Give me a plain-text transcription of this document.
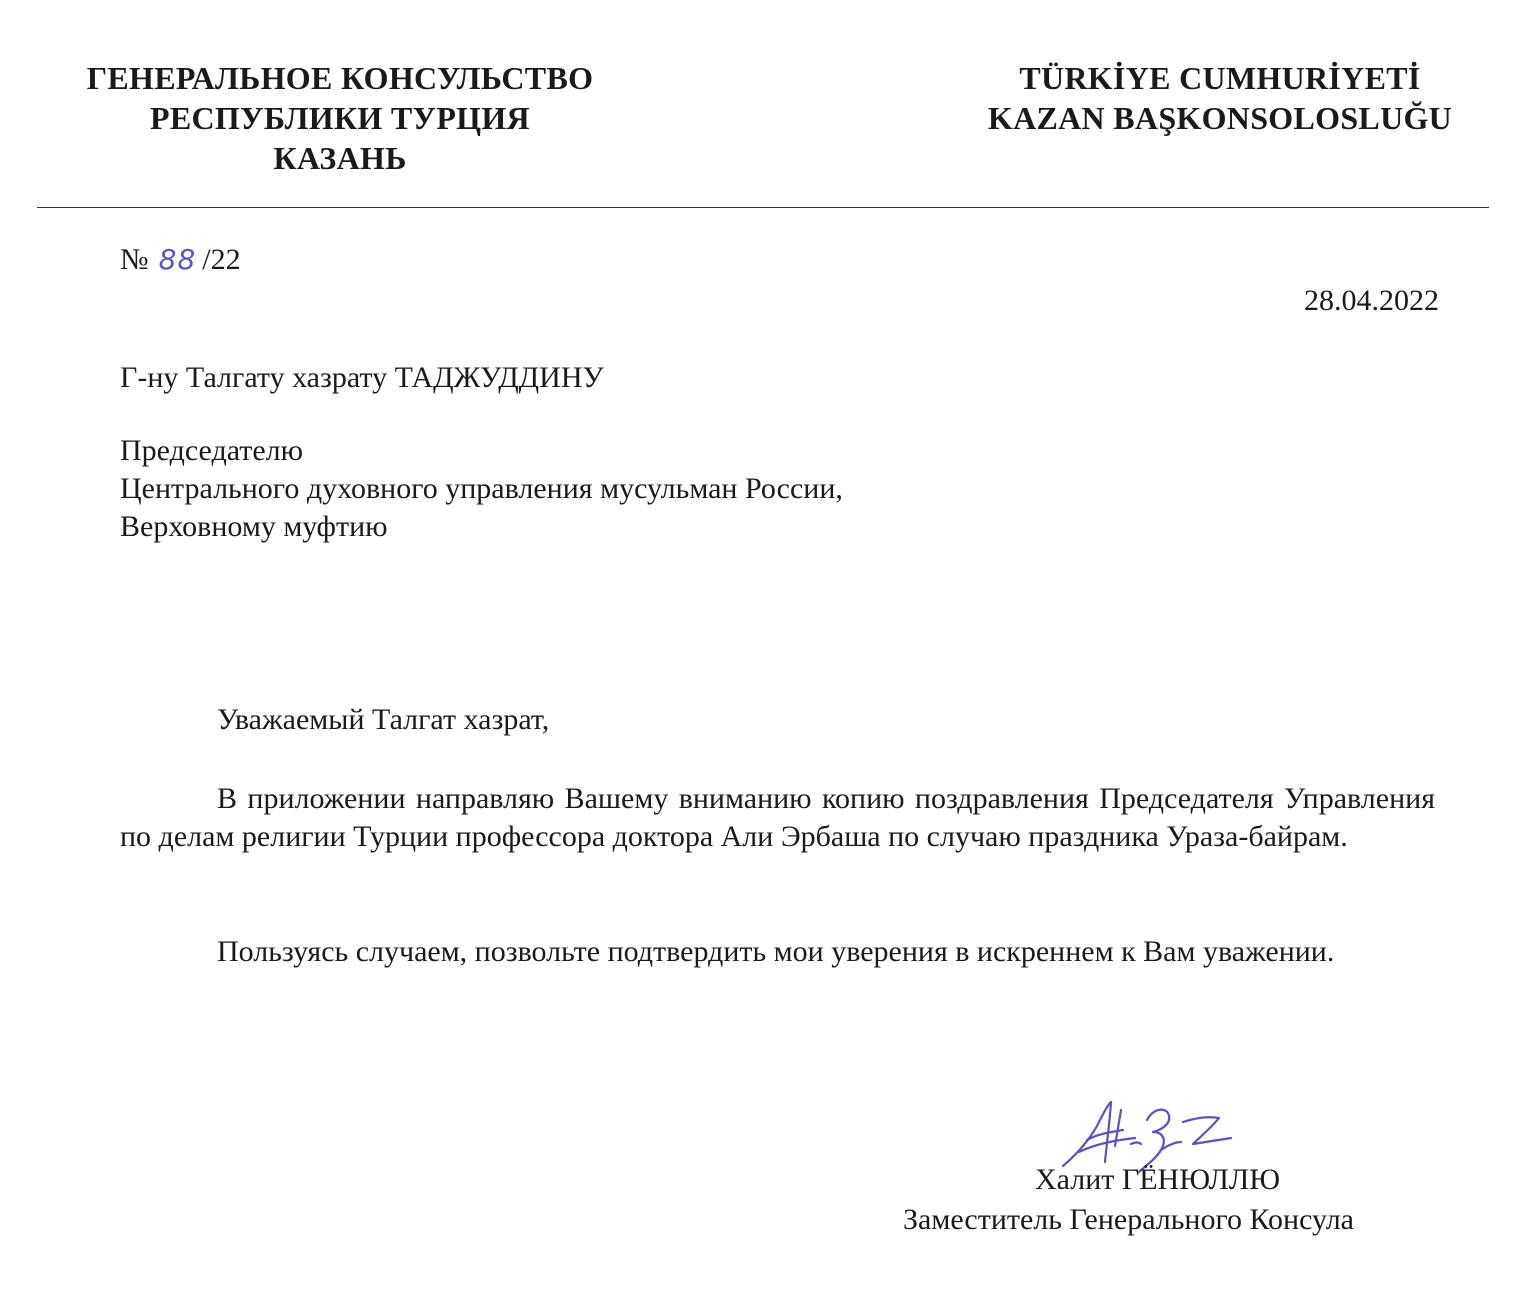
ГЕНЕРАЛЬНОЕ КОНСУЛЬСТВО
РЕСПУБЛИКИ ТУРЦИЯ
КАЗАНЬ
TÜRKİYE CUMHURİYETİ
KAZAN BAŞKONSOLOSLUĞU
№ 88 /22
28.04.2022
Г-ну Талгату хазрату ТАДЖУДДИНУ
Председателю
Центрального духовного управления мусульман России,
Верховному муфтию
Уважаемый Талгат хазрат,
В приложении направляю Вашему вниманию копию поздравления Председателя Управления по делам религии Турции профессора доктора Али Эрбаша по случаю праздника Ураза-байрам.
Пользуясь случаем, позвольте подтвердить мои уверения в искреннем к Вам уважении.
Халит ГЁНЮЛЛЮ
Заместитель Генерального Консула
